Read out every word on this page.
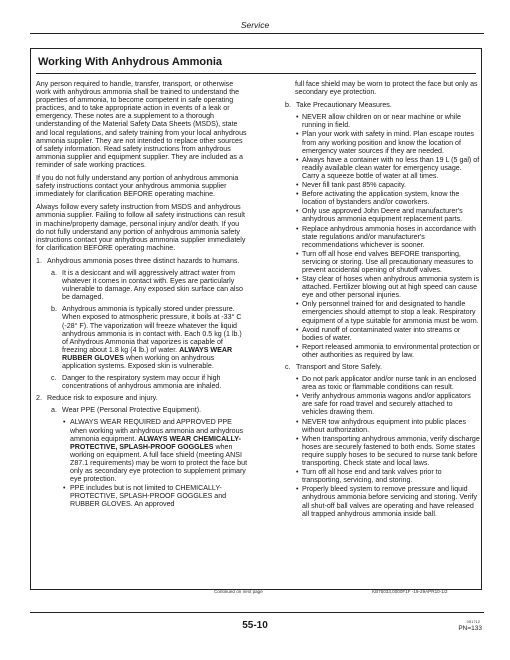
Service
Working With Anhydrous Ammonia

Any person required to handle, transfer, transport, or otherwise work with anhydrous ammonia shall be trained to understand the properties of ammonia, to become competent in safe operating practices, and to take appropriate action in events of a leak or emergency. These notes are a supplement to a thorough understanding of the Material Safety Data Sheets (MSDS), state and local regulations, and safety training from your local anhydrous ammonia supplier. They are not intended to replace other sources of safety information. Read safety instructions from anhydrous ammonia supplier and equipment supplier. They are included as a reminder of safe working practices.

If you do not fully understand any portion of anhydrous ammonia safety instructions contact your anhydrous ammonia supplier immediately for clarification BEFORE operating machine.

Always follow every safety instruction from MSDS and anhydrous ammonia supplier. Failing to follow all safety instructions can result in machine/property damage, personal injury and/or death. If you do not fully understand any portion of anhydrous ammonia safety instructions contact your anhydrous ammonia supplier immediately for clarification BEFORE operating machine.

1. Anhydrous ammonia poses three distinct hazards to humans.
a. It is a desiccant and will aggressively attract water from whatever it comes in contact with. Eyes are particularly vulnerable to damage. Any exposed skin surface can also be damaged.
b. Anhydrous ammonia is typically stored under pressure. When exposed to atmospheric pressure, it boils at -33° C (-28° F). The vaporization will freeze whatever the liquid anhydrous ammonia is in contact with. Each 0.5 kg (1 lb.) of Anhydrous Ammonia that vaporizes is capable of freezing about 1.8 kg (4 lb.) of water. ALWAYS WEAR RUBBER GLOVES when working on anhydrous application systems. Exposed skin is vulnerable.
c. Danger to the respiratory system may occur if high concentrations of anhydrous ammonia are inhaled.
2. Reduce risk to exposure and injury.
a. Wear PPE (Personal Protective Equipment).
• ALWAYS WEAR REQUIRED and APPROVED PPE when working with anhydrous ammonia and anhydrous ammonia equipment. ALWAYS WEAR CHEMICALLY-PROTECTIVE, SPLASH-PROOF GOGGLES when working on equipment. A full face shield (meeting ANSI Z87.1 requirements) may be worn to protect the face but only as secondary eye protection to supplement primary eye protection.
• PPE includes but is not limited to CHEMICALLY-PROTECTIVE, SPLASH-PROOF GOGGLES and RUBBER GLOVES. An approved

full face shield may be worn to protect the face but only as secondary eye protection.

b. Take Precautionary Measures.
• NEVER allow children on or near machine or while running in field.
• Plan your work with safety in mind. Plan escape routes from any working position and know the location of emergency water sources if they are needed.
• Always have a container with no less than 19 L (5 gal) of readily available clean water for emergency usage. Carry a squeeze bottle of water at all times.
• Never fill tank past 85% capacity.
• Before activating the application system, know the location of bystanders and/or coworkers.
• Only use approved John Deere and manufacturer's anhydrous ammonia equipment replacement parts.
• Replace anhydrous ammonia hoses in accordance with state regulations and/or manufacturer's recommendations whichever is sooner.
• Turn off all hose end valves BEFORE transporting, servicing or storing. Use all precautionary measures to prevent accidental opening of shutoff valves.
• Stay clear of hoses when anhydrous ammonia system is attached. Fertilizer blowing out at high speed can cause eye and other personal injuries.
• Only personnel trained for and designated to handle emergencies should attempt to stop a leak. Respiratory equipment of a type suitable for ammonia must be worn.
• Avoid runoff of contaminated water into streams or bodies of water.
• Report released ammonia to environmental protection or other authorities as required by law.
c. Transport and Store Safely.
• Do not park applicator and/or nurse tank in an enclosed area as toxic or flammable conditions can result.
• Verify anhydrous ammonia wagons and/or applicators are safe for road travel and securely attached to vehicles drawing them.
• NEVER tow anhydrous equipment into public places without authorization.
• When transporting anhydrous ammonia, verify discharge hoses are securely fastened to both ends. Some states require supply hoses to be secured to nurse tank before transporting. Check state and local laws.
• Turn off all hose end and tank valves prior to transporting, servicing, and storing.
• Properly bleed system to remove pressure and liquid anhydrous ammonia before servicing and storing. Verify all shut-off ball valves are operating and have released all trapped anhydrous ammonia inside ball.
Continued on next page	KB75033,0000F1F -19-29APR10-1/2
55-10	091712
PN=133
